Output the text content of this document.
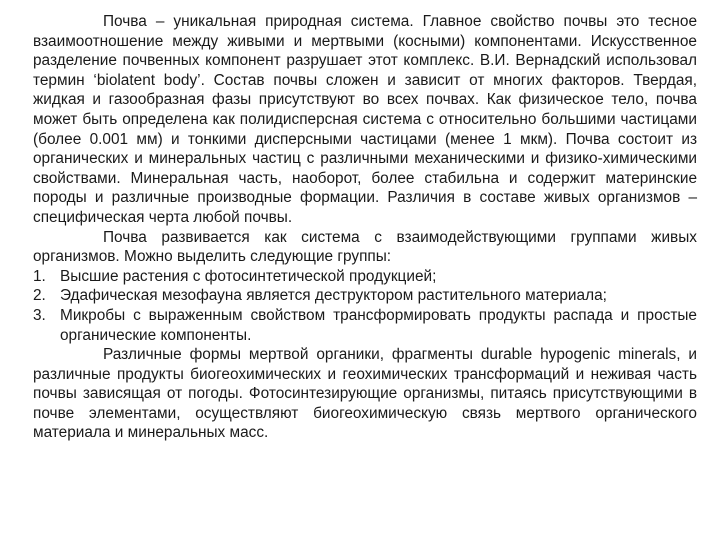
Почва – уникальная природная система. Главное свойство почвы это тесное взаимоотношение между живыми и мертвыми (косными) компонентами. Искусственное разделение почвенных компонент разрушает этот комплекс. В.И. Вернадский использовал термин ‘biolatent body’. Состав почвы сложен и зависит от многих факторов. Твердая, жидкая и газообразная фазы присутствуют во всех почвах. Как физическое тело, почва может быть определена как полидисперсная система с относительно большими частицами (более 0.001 мм) и тонкими дисперсными частицами (менее 1 мкм). Почва состоит из органических и минеральных частиц с различными механическими и физико-химическими свойствами. Минеральная часть, наоборот, более стабильна и содержит материнские породы и различные производные формации. Различия в составе живых организмов – специфическая черта любой почвы.

Почва развивается как система с взаимодействующими группами живых организмов. Можно выделить следующие группы:

1. Высшие растения с фотосинтетической продукцией;
2. Эдафическая мезофауна является деструктором растительного материала;
3. Микробы с выраженным свойством трансформировать продукты распада и простые органические компоненты.

Различные формы мертвой органики, фрагменты durable hypogenic minerals, и различные продукты биогеохимических и геохимических трансформаций и неживая часть почвы зависящая от погоды. Фотосинтезирующие организмы, питаясь присутствующими в почве элементами, осуществляют биогеохимическую связь мертвого органического материала и минеральных масс.
